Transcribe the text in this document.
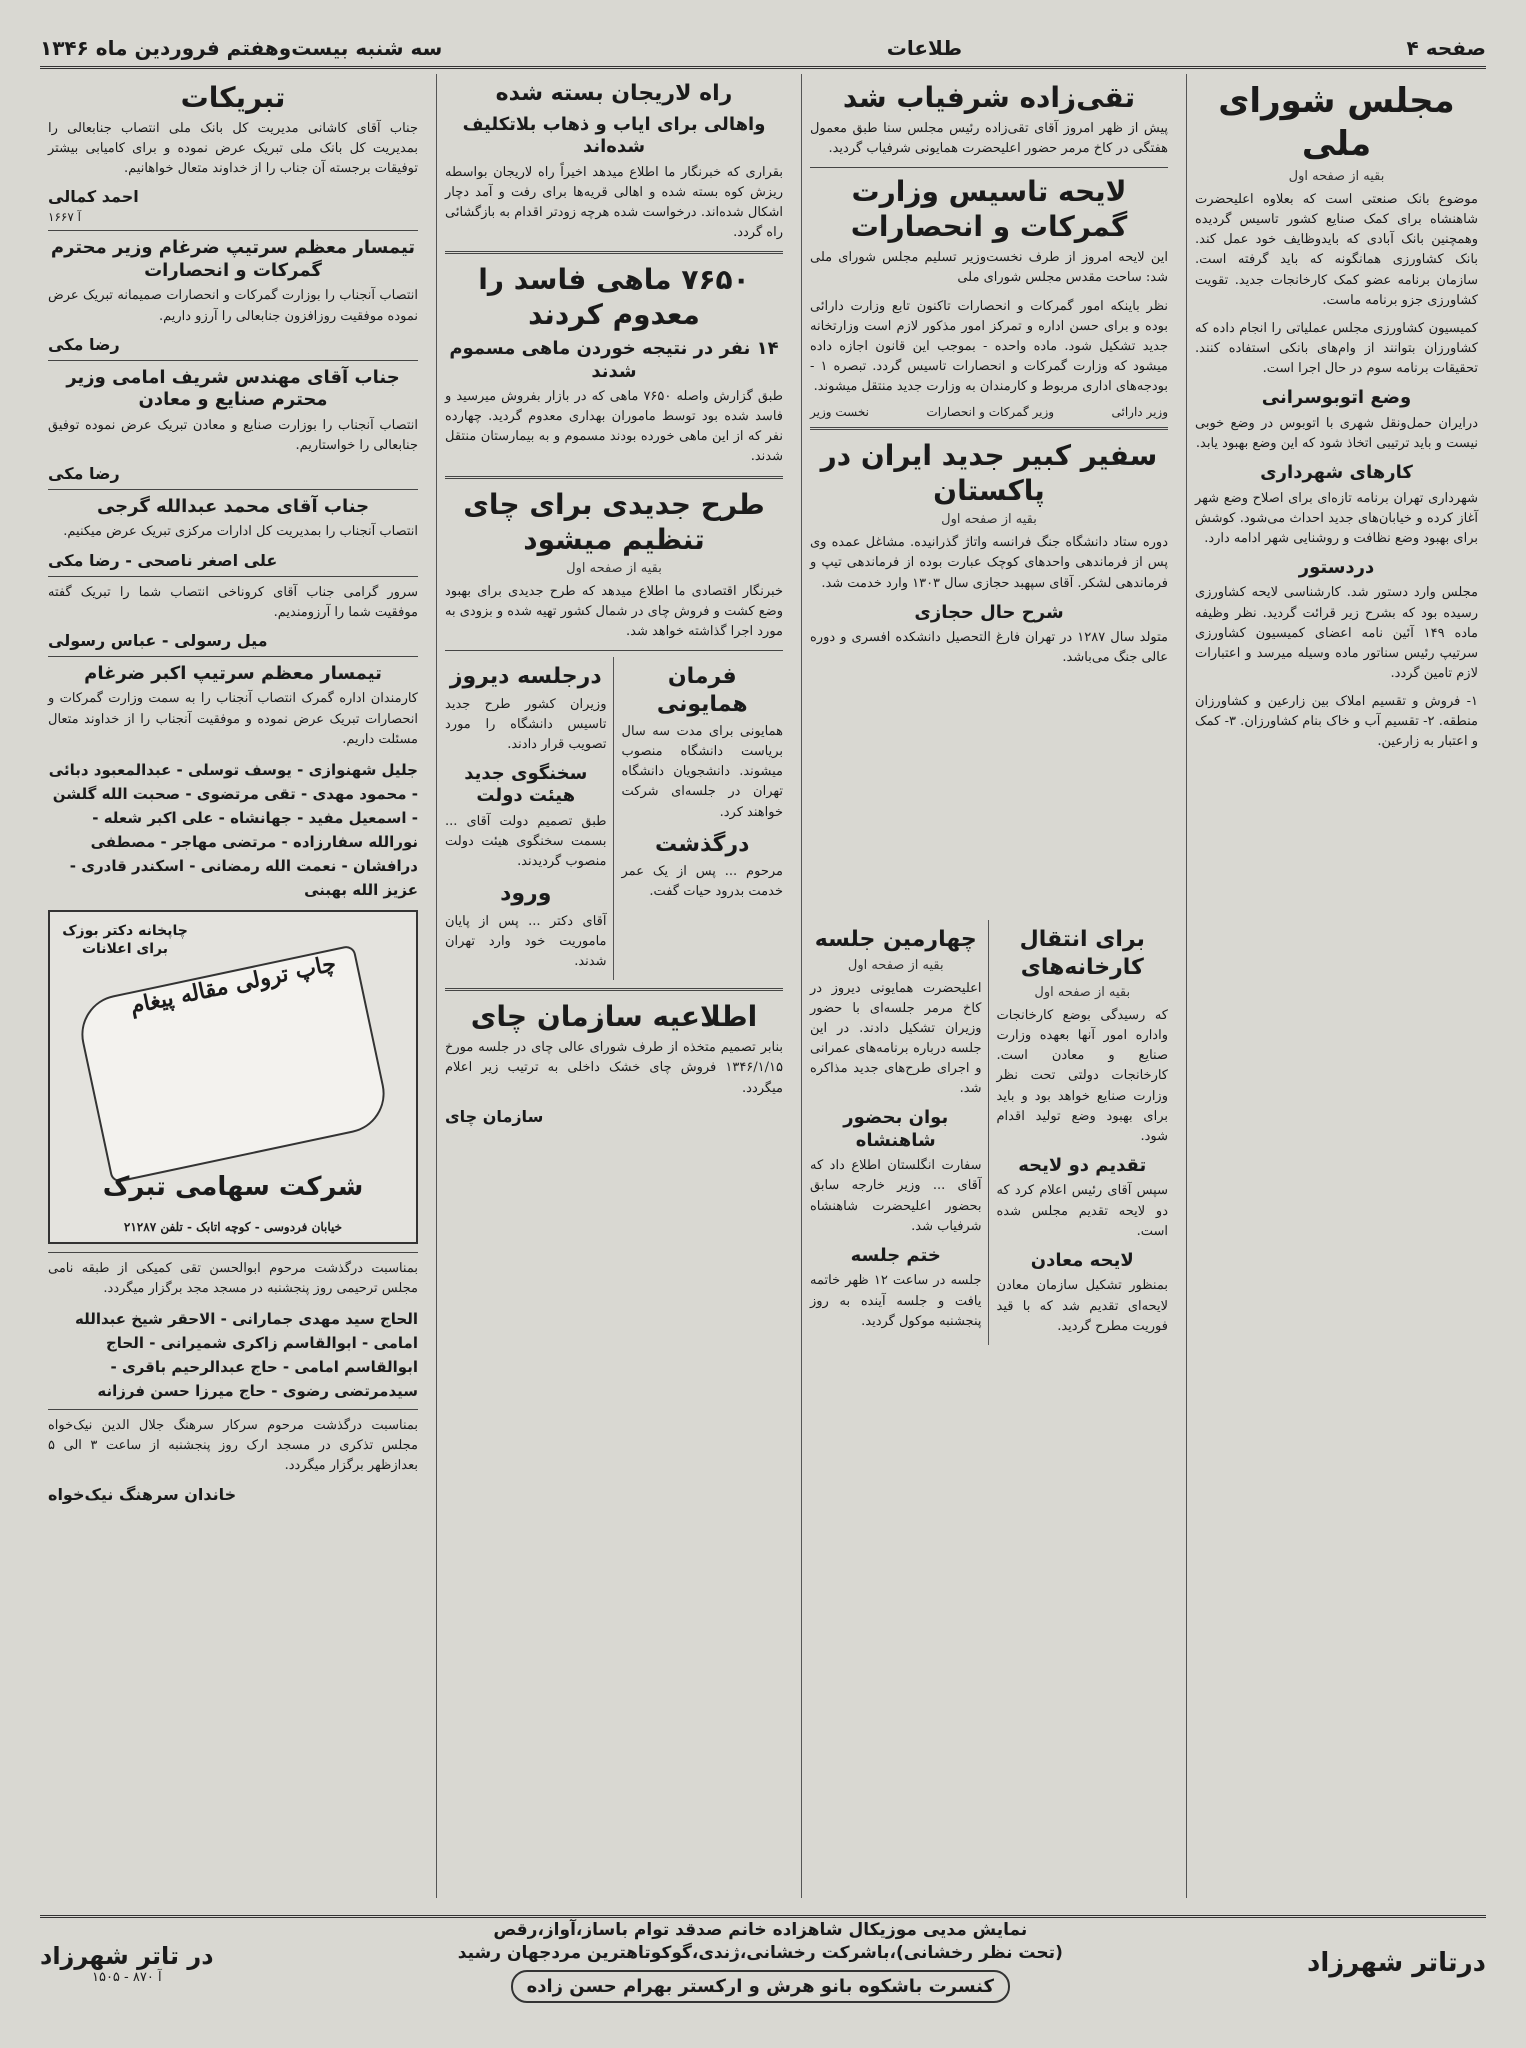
صفحه ۴
طلاعات
سه شنبه بیست‌وهفتم فروردین ماه ۱۳۴۶
مجلس شورای ملی
بقیه از صفحه اول

موضوع بانک صنعتی است که بعلاوه اعلیحضرت شاهنشاه برای کمک صنایع کشور تاسیس گردیده وهمچنین بانک آبادی که بایدوظایف خود عمل کند. بانک کشاورزی همانگونه که باید گرفته است. سازمان برنامه عضو کمک کارخانجات جدید. تقویت کشاورزی جزو برنامه ماست.

کمیسیون کشاورزی مجلس عملیاتی را انجام داده که کشاورزان بتوانند از وام‌های بانکی استفاده کنند. تحقیقات برنامه سوم در حال اجرا است.

وضع اتوبوسرانی

درایران حمل‌ونقل شهری با اتوبوس در وضع خوبی نیست و باید ترتیبی اتخاذ شود که این وضع بهبود یابد.

کارهای شهرداری

شهرداری تهران برنامه تازه‌ای برای اصلاح وضع شهر آغاز کرده و خیابان‌های جدید احداث می‌شود. کوشش برای بهبود وضع نظافت و روشنایی شهر ادامه دارد.

دردستور

مجلس وارد دستور شد. کارشناسی لایحه کشاورزی رسیده بود که بشرح زیر قرائت گردید. نظر وظیفه ماده ۱۴۹ آئین نامه اعضای کمیسیون کشاورزی سرتیپ رئیس سناتور ماده وسیله میرسد و اعتبارات لازم تامین گردد.

۱- فروش و تقسیم املاک بین زارعین و کشاورزان منطقه. ۲- تقسیم آب و خاک بنام کشاورزان. ۳- کمک و اعتبار به زارعین.

تقی‌زاده شرفیاب شد

پیش از ظهر امروز آقای تقی‌زاده رئیس مجلس سنا طبق معمول هفتگی در کاخ مرمر حضور اعلیحضرت همایونی شرفیاب گردید.

لایحه تاسیس وزارت گمرکات و انحصارات

این لایحه امروز از طرف نخست‌وزیر تسلیم مجلس شورای ملی شد: ساحت مقدس مجلس شورای ملی

نظر باینکه امور گمرکات و انحصارات تاکنون تابع وزارت دارائی بوده و برای حسن اداره و تمرکز امور مذکور لازم است وزارتخانه جدید تشکیل شود. ماده واحده - بموجب این قانون اجازه داده میشود که وزارت گمرکات و انحصارات تاسیس گردد. تبصره ۱ - بودجه‌های اداری مربوط و کارمندان به وزارت جدید منتقل میشوند.

وزیر دارائی
وزیر گمرکات و انحصارات
نخست وزیر
سفیر کبیر جدید ایران در پاکستان
بقیه از صفحه اول

دوره ستاد دانشگاه جنگ فرانسه واتاژ گذرانیده. مشاغل عمده وی پس از فرماندهی واحدهای کوچک عبارت بوده از فرماندهی تیپ و فرماندهی لشکر. آقای سپهبد حجازی سال ۱۳۰۳ وارد خدمت شد.

شرح حال حجازی

متولد سال ۱۲۸۷ در تهران فارغ التحصیل دانشکده افسری و دوره عالی جنگ می‌باشد.

برای انتقال کارخانه‌های
بقیه از صفحه اول

که رسیدگی بوضع کارخانجات واداره امور آنها بعهده وزارت صنایع و معادن است. کارخانجات دولتی تحت نظر وزارت صنایع خواهد بود و باید برای بهبود وضع تولید اقدام شود.

تقدیم دو لایحه

سپس آقای رئیس اعلام کرد که دو لایحه تقدیم مجلس شده است.

لایحه معادن

بمنظور تشکیل سازمان معادن لایحه‌ای تقدیم شد که با قید فوریت مطرح گردید.

چهارمین جلسه
بقیه از صفحه اول

اعلیحضرت همایونی دیروز در کاخ مرمر جلسه‌ای با حضور وزیران تشکیل دادند. در این جلسه درباره برنامه‌های عمرانی و اجرای طرح‌های جدید مذاکره شد.

بوان بحضور شاهنشاه

سفارت انگلستان اطلاع داد که آقای ... وزیر خارجه سابق بحضور اعلیحضرت شاهنشاه شرفیاب شد.

ختم جلسه

جلسه در ساعت ۱۲ ظهر خاتمه یافت و جلسه آینده به روز پنجشنبه موکول گردید.

راه لاریجان بسته شده
واهالی برای ایاب و ذهاب بلاتکلیف شده‌اند

بقراری که خبرنگار ما اطلاع میدهد اخیراً راه لاریجان بواسطه ریزش کوه بسته شده و اهالی قریه‌ها برای رفت و آمد دچار اشکال شده‌اند. درخواست شده هرچه زودتر اقدام به بازگشائی راه گردد.

۷۶۵۰ ماهی فاسد را معدوم کردند
۱۴ نفر در نتیجه خوردن ماهی مسموم شدند

طبق گزارش واصله ۷۶۵۰ ماهی که در بازار بفروش میرسید و فاسد شده بود توسط ماموران بهداری معدوم گردید. چهارده نفر که از این ماهی خورده بودند مسموم و به بیمارستان منتقل شدند.

طرح جدیدی برای چای تنظیم میشود
بقیه از صفحه اول

خبرنگار اقتصادی ما اطلاع میدهد که طرح جدیدی برای بهبود وضع کشت و فروش چای در شمال کشور تهیه شده و بزودی به مورد اجرا گذاشته خواهد شد.

فرمان همایونی

همایونی برای مدت سه سال بریاست دانشگاه منصوب میشوند. دانشجویان دانشگاه تهران در جلسه‌ای شرکت خواهند کرد.

درگذشت

مرحوم ... پس از یک عمر خدمت بدرود حیات گفت.

درجلسه دیروز

وزیران کشور طرح جدید تاسیس دانشگاه را مورد تصویب قرار دادند.

سخنگوی جدید هیئت دولت

طبق تصمیم دولت آقای ... بسمت سخنگوی هیئت دولت منصوب گردیدند.

ورود

آقای دکتر ... پس از پایان ماموریت خود وارد تهران شدند.

اطلاعیه سازمان چای

بنابر تصمیم متخذه از طرف شورای عالی چای در جلسه مورخ ۱۳۴۶/۱/۱۵ فروش چای خشک داخلی به ترتیب زیر اعلام میگردد.

سازمان چای
تبریکات

جناب آقای کاشانی مدیریت کل بانک ملی انتصاب جنابعالی را بمدیریت کل بانک ملی تبریک عرض نموده و برای کامیابی بیشتر توفیقات برجسته آن جناب را از خداوند متعال خواهانیم.

احمد کمالی
آ ۱۶۶۷
تیمسار معظم سرتیپ ضرغام وزیر محترم گمرکات و انحصارات

انتصاب آنجناب را بوزارت گمرکات و انحصارات صمیمانه تبریک عرض نموده موفقیت روزافزون جنابعالی را آرزو داریم.

رضا مکی
جناب آقای مهندس شریف امامی وزیر محترم صنایع و معادن

انتصاب آنجناب را بوزارت صنایع و معادن تبریک عرض نموده توفیق جنابعالی را خواستاریم.

رضا مکی
جناب آقای محمد عبدالله گرجی

انتصاب آنجناب را بمدیریت کل ادارات مرکزی تبریک عرض میکنیم.

علی اصغر ناصحی - رضا مکی

سرور گرامی جناب آقای کروناخی انتصاب شما را تبریک گفته موفقیت شما را آرزومندیم.

میل رسولی - عباس رسولی
تیمسار معظم سرتیپ اکبر ضرغام

کارمندان اداره گمرک انتصاب آنجناب را به سمت وزارت گمرکات و انحصارات تبریک عرض نموده و موفقیت آنجناب را از خداوند متعال مسئلت داریم.

جلیل شهنوازی - یوسف توسلی - عبدالمعبود دبائی - محمود مهدی - تقی مرتضوی - صحبت الله گلشن - اسمعیل مفید - جهانشاه - علی اکبر شعله - نورالله سفارزاده - مرتضی مهاجر - مصطفی درافشان - نعمت الله رمضانی - اسکندر قادری - عزیز الله بهبنی
چاپخانه دکتر بوزک برای اعلانات
چاپ ترولی مقاله پیغام
شرکت سهامی تبرک
خیابان فردوسی - کوچه اتابک - تلفن ۲۱۲۸۷

بمناسبت درگذشت مرحوم ابوالحسن تقی کمیکی از طبقه نامی مجلس ترحیمی روز پنجشنبه در مسجد مجد برگزار میگردد.

الحاج سید مهدی جمارانی - الاحقر شیخ عبدالله امامی - ابوالقاسم زاکری شمیرانی - الحاج ابوالقاسم امامی - حاج عبدالرحیم باقری - سیدمرتضی رضوی - حاج میرزا حسن فرزانه

بمناسبت درگذشت مرحوم سرکار سرهنگ جلال الدین نیک‌خواه مجلس تذکری در مسجد ارک روز پنجشنبه از ساعت ۳ الی ۵ بعدازظهر برگزار میگردد.

خاندان سرهنگ نیک‌خواه
درتاتر شهرزاد
نمایش مدیی موزیکال شاهزاده خانم صدقد توام باساز،آواز،رقص
(تحت نظر رخشانی)،باشرکت رخشانی،ژندی،گوکوتاهترین مردجهان رشید
کنسرت باشکوه بانو هرش و ارکستر بهرام حسن زاده
در تاتر شهرزاد
آ ۸۷۰ - ۱۵۰۵
